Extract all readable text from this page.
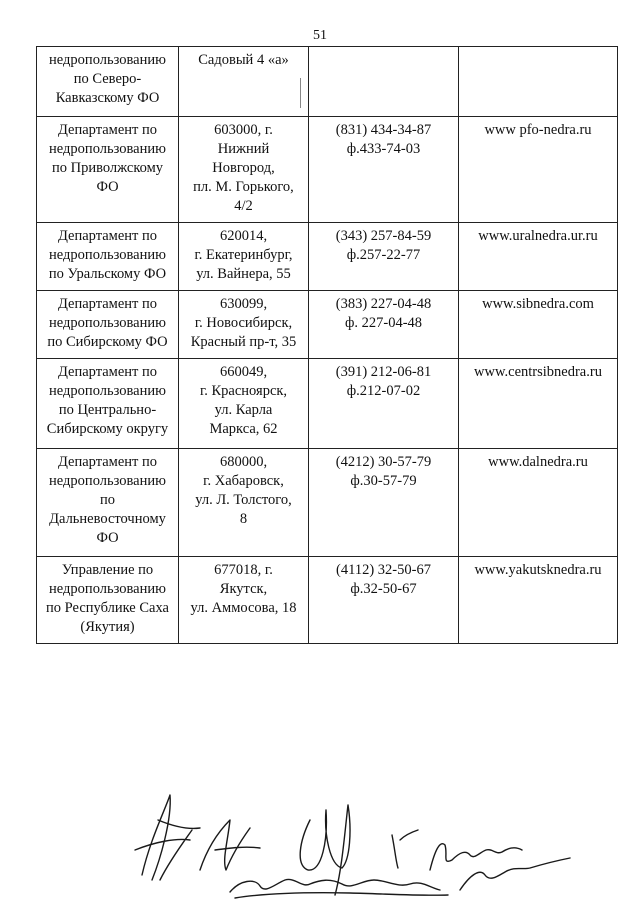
51
недропользованию
по Северо-
Кавказскому ФО	Садовый 4 «а»		

Департамент по
недропользованию
по Приволжскому
ФО	603000, г.
Нижний
Новгород,
пл. М. Горького,
4/2	(831) 434-34-87
ф.433-74-03	www pfo-nedra.ru

Департамент по
недропользованию
по Уральскому ФО	620014,
г. Екатеринбург,
ул. Вайнера, 55	(343) 257-84-59
ф.257-22-77	www.uralnedra.ur.ru

Департамент по
недропользованию
по Сибирскому ФО	630099,
г. Новосибирск,
Красный пр-т, 35	(383) 227-04-48
ф. 227-04-48	www.sibnedra.com

Департамент по
недропользованию
по Центрально-
Сибирскому округу	660049,
г. Красноярск,
ул. Карла
Маркса, 62	(391) 212-06-81
ф.212-07-02	www.centrsibnedra.ru

Департамент по
недропользованию
по
Дальневосточному
ФО	680000,
г. Хабаровск,
ул. Л. Толстого,
8	(4212) 30-57-79
ф.30-57-79	www.dalnedra.ru

Управление по
недропользованию
по Республике Саха
(Якутия)	677018, г.
Якутск,
ул. Аммосова, 18	(4112) 32-50-67
ф.32-50-67	www.yakutsknedra.ru
